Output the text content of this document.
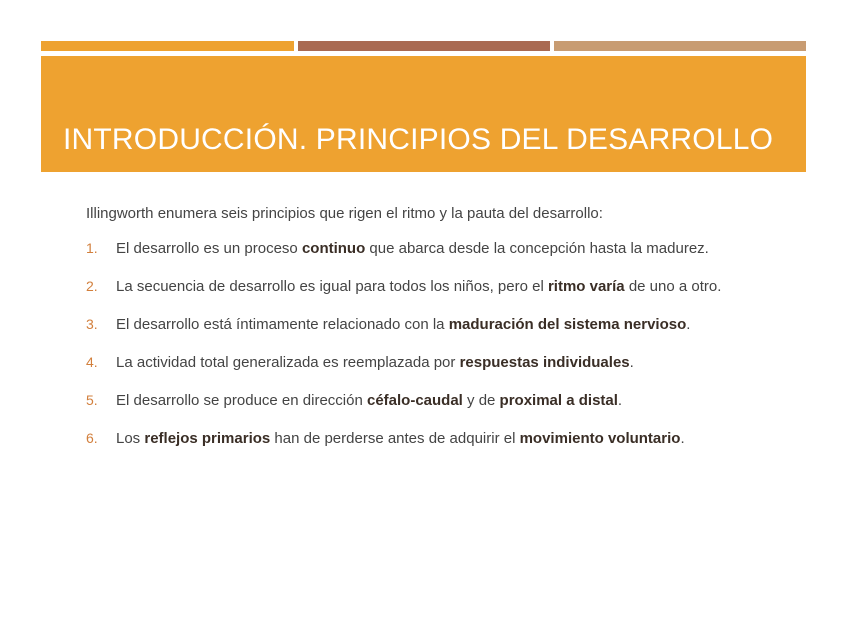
INTRODUCCIÓN. PRINCIPIOS DEL DESARROLLO

Illingworth enumera seis principios que rigen el ritmo y la pauta del desarrollo:

1. El desarrollo es un proceso continuo que abarca desde la concepción hasta la madurez.
2. La secuencia de desarrollo es igual para todos los niños, pero el ritmo varía de uno a otro.
3. El desarrollo está íntimamente relacionado con la maduración del sistema nervioso.
4. La actividad total generalizada es reemplazada por respuestas individuales.
5. El desarrollo se produce en dirección céfalo-caudal y de proximal a distal.
6. Los reflejos primarios han de perderse antes de adquirir el movimiento voluntario.
